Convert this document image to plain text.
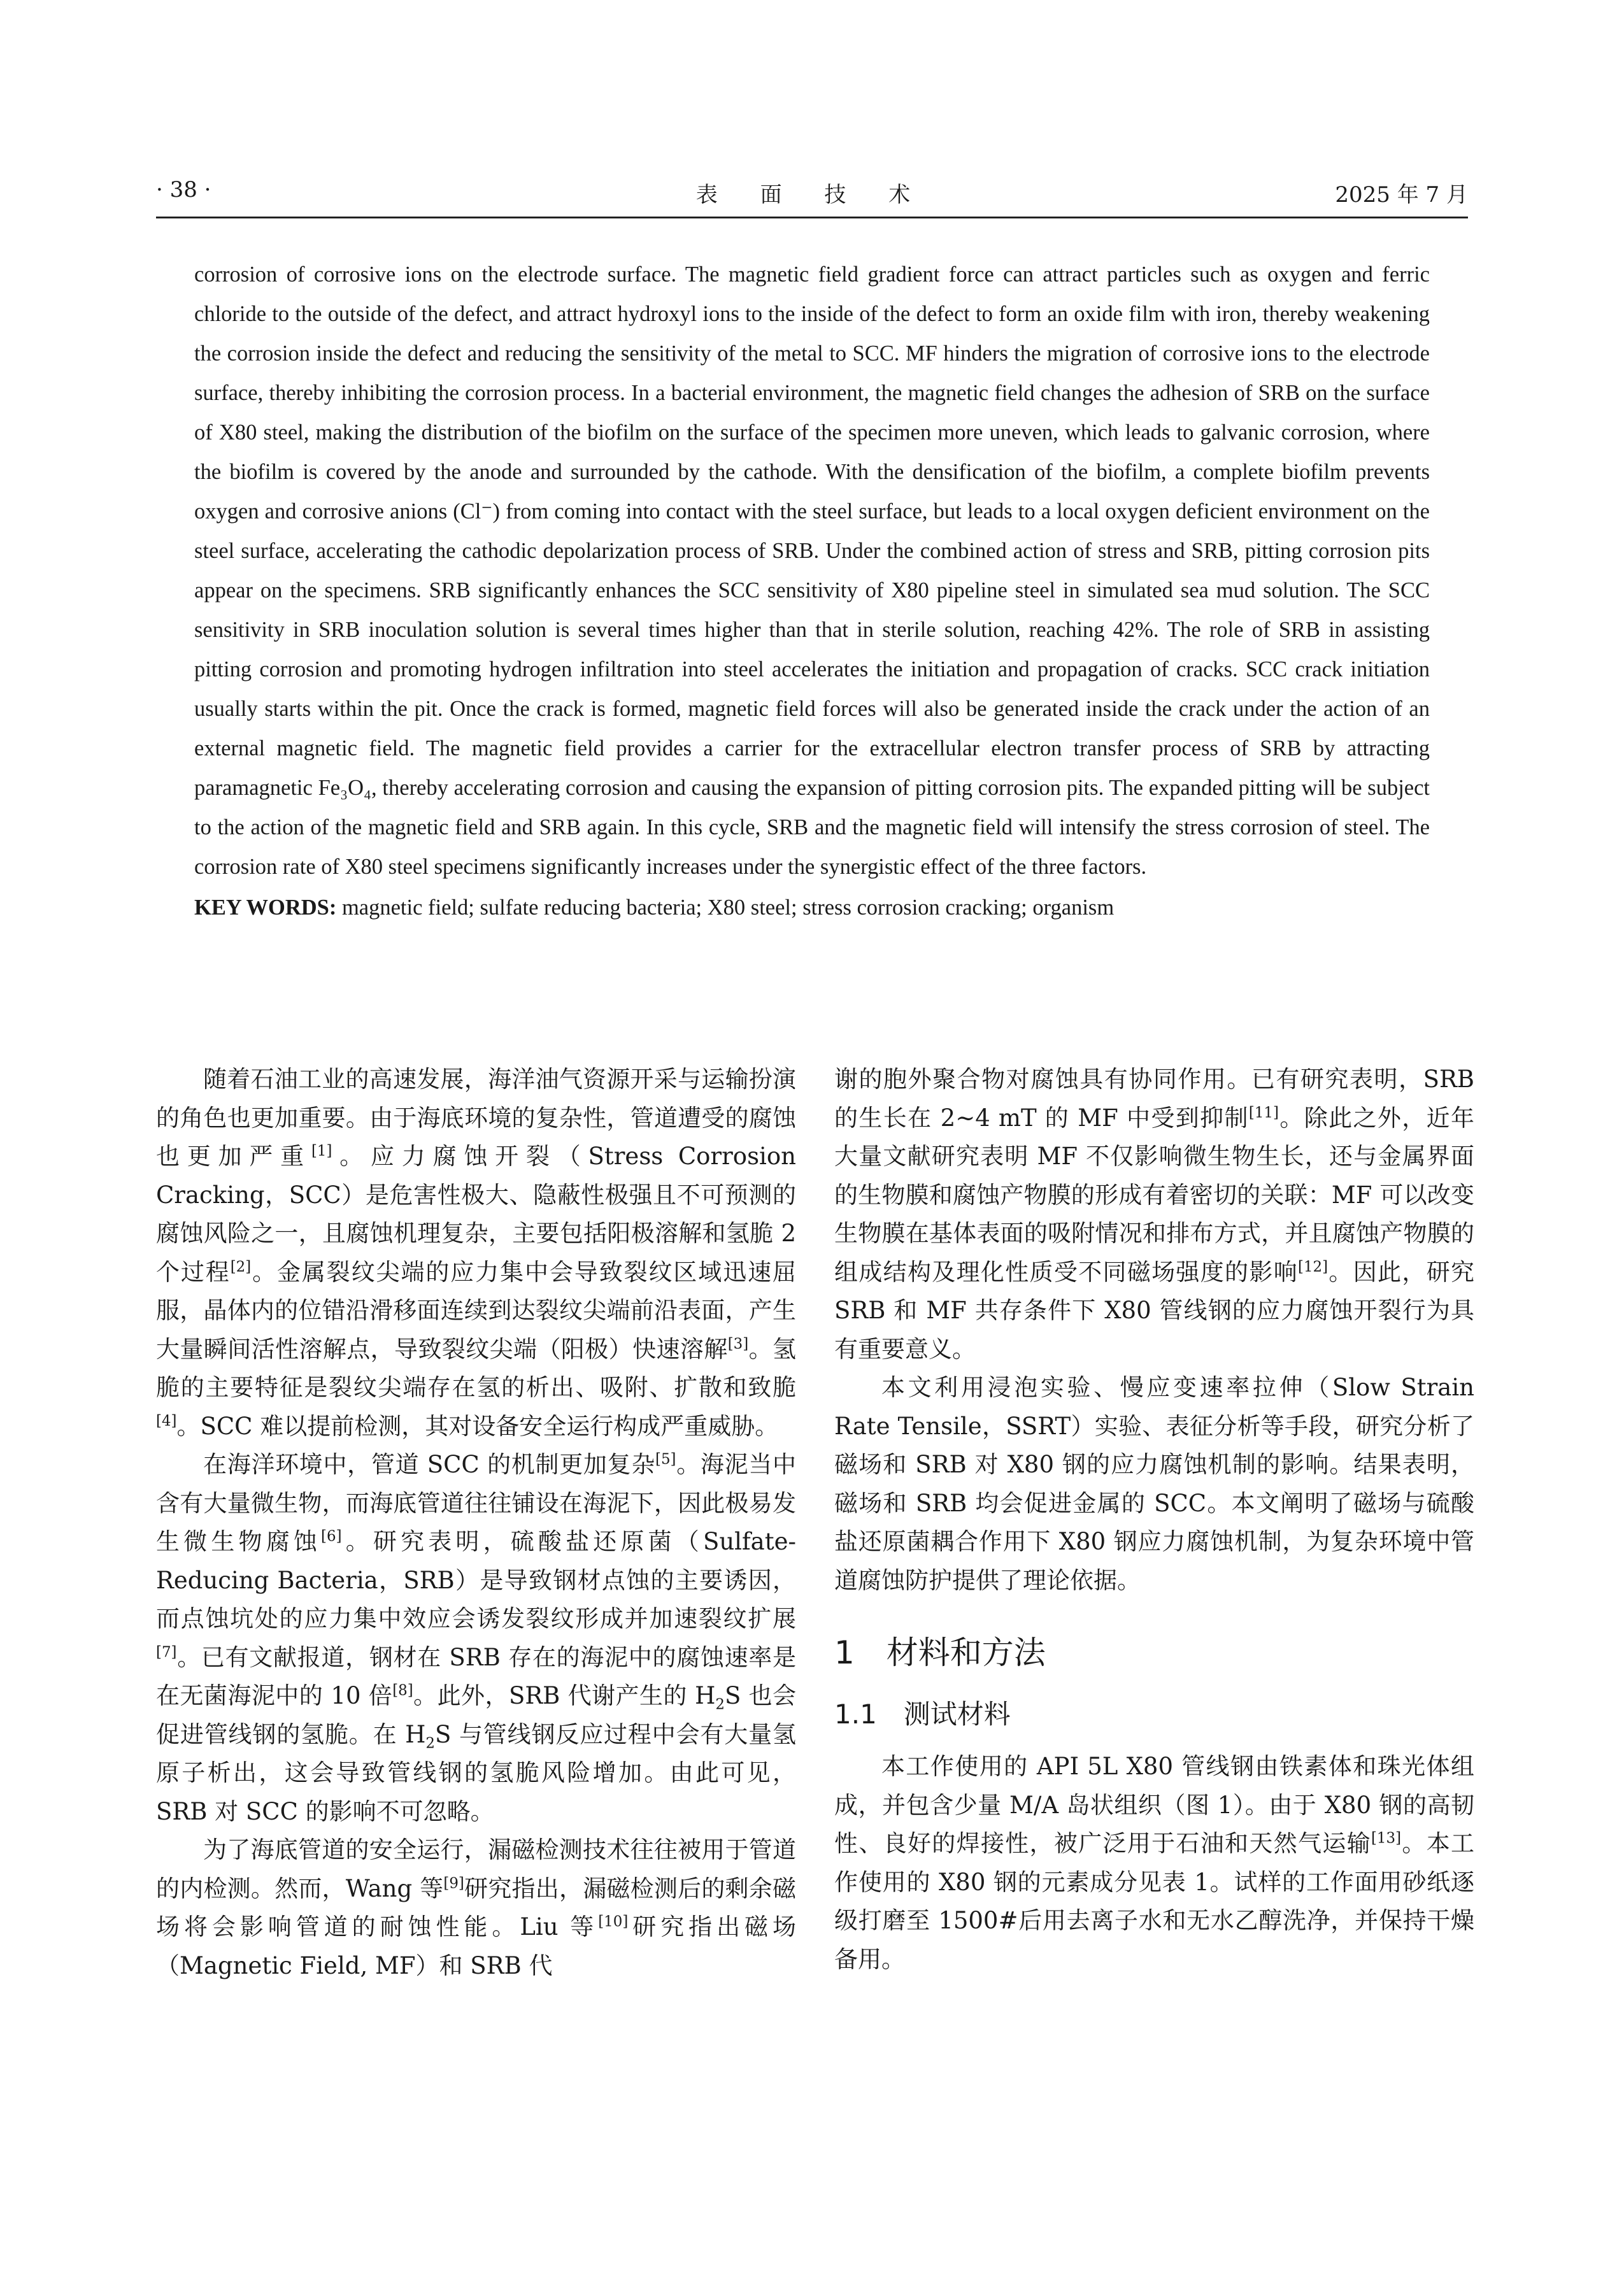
· 38 ·	表 面 技 术	2025 年 7 月

corrosion of corrosive ions on the electrode surface. The magnetic field gradient force can attract particles such as oxygen and ferric chloride to the outside of the defect, and attract hydroxyl ions to the inside of the defect to form an oxide film with iron, thereby weakening the corrosion inside the defect and reducing the sensitivity of the metal to SCC. MF hinders the migration of corrosive ions to the electrode surface, thereby inhibiting the corrosion process. In a bacterial environment, the magnetic field changes the adhesion of SRB on the surface of X80 steel, making the distribution of the biofilm on the surface of the specimen more uneven, which leads to galvanic corrosion, where the biofilm is covered by the anode and surrounded by the cathode. With the densification of the biofilm, a complete biofilm prevents oxygen and corrosive anions (Cl⁻) from coming into contact with the steel surface, but leads to a local oxygen deficient environment on the steel surface, accelerating the cathodic depolarization process of SRB. Under the combined action of stress and SRB, pitting corrosion pits appear on the specimens. SRB significantly enhances the SCC sensitivity of X80 pipeline steel in simulated sea mud solution. The SCC sensitivity in SRB inoculation solution is several times higher than that in sterile solution, reaching 42%. The role of SRB in assisting pitting corrosion and promoting hydrogen infiltration into steel accelerates the initiation and propagation of cracks. SCC crack initiation usually starts within the pit. Once the crack is formed, magnetic field forces will also be generated inside the crack under the action of an external magnetic field. The magnetic field provides a carrier for the extracellular electron transfer process of SRB by attracting paramagnetic Fe₃O₄, thereby accelerating corrosion and causing the expansion of pitting corrosion pits. The expanded pitting will be subject to the action of the magnetic field and SRB again. In this cycle, SRB and the magnetic field will intensify the stress corrosion of steel. The corrosion rate of X80 steel specimens significantly increases under the synergistic effect of the three factors.

KEY WORDS: magnetic field; sulfate reducing bacteria; X80 steel; stress corrosion cracking; organism

随着石油工业的高速发展，海洋油气资源开采与运输扮演的角色也更加重要。由于海底环境的复杂性，管道遭受的腐蚀也更加严重[1]。应力腐蚀开裂（Stress Corrosion Cracking，SCC）是危害性极大、隐蔽性极强且不可预测的腐蚀风险之一，且腐蚀机理复杂，主要包括阳极溶解和氢脆 2 个过程[2]。金属裂纹尖端的应力集中会导致裂纹区域迅速屈服，晶体内的位错沿滑移面连续到达裂纹尖端前沿表面，产生大量瞬间活性溶解点，导致裂纹尖端（阳极）快速溶解[3]。氢脆的主要特征是裂纹尖端存在氢的析出、吸附、扩散和致脆[4]。SCC 难以提前检测，其对设备安全运行构成严重威胁。

在海洋环境中，管道 SCC 的机制更加复杂[5]。海泥当中含有大量微生物，而海底管道往往铺设在海泥下，因此极易发生微生物腐蚀[6]。研究表明，硫酸盐还原菌（Sulfate-Reducing Bacteria，SRB）是导致钢材点蚀的主要诱因，而点蚀坑处的应力集中效应会诱发裂纹形成并加速裂纹扩展[7]。已有文献报道，钢材在 SRB 存在的海泥中的腐蚀速率是在无菌海泥中的 10 倍[8]。此外，SRB 代谢产生的 $H_2S$ 也会促进管线钢的氢脆。在 $H_2S$ 与管线钢反应过程中会有大量氢原子析出，这会导致管线钢的氢脆风险增加。由此可见，SRB 对 SCC 的影响不可忽略。

为了海底管道的安全运行，漏磁检测技术往往被用于管道的内检测。然而，Wang 等[9]研究指出，漏磁检测后的剩余磁场将会影响管道的耐蚀性能。Liu 等[10]研究指出磁场（Magnetic Field, MF）和 SRB 代

谢的胞外聚合物对腐蚀具有协同作用。已有研究表明，SRB 的生长在 2~4 mT 的 MF 中受到抑制[11]。除此之外，近年大量文献研究表明 MF 不仅影响微生物生长，还与金属界面的生物膜和腐蚀产物膜的形成有着密切的关联：MF 可以改变生物膜在基体表面的吸附情况和排布方式，并且腐蚀产物膜的组成结构及理化性质受不同磁场强度的影响[12]。因此，研究 SRB 和 MF 共存条件下 X80 管线钢的应力腐蚀开裂行为具有重要意义。

本文利用浸泡实验、慢应变速率拉伸（Slow Strain Rate Tensile，SSRT）实验、表征分析等手段，研究分析了磁场和 SRB 对 X80 钢的应力腐蚀机制的影响。结果表明，磁场和 SRB 均会促进金属的 SCC。本文阐明了磁场与硫酸盐还原菌耦合作用下 X80 钢应力腐蚀机制，为复杂环境中管道腐蚀防护提供了理论依据。

1　材料和方法
1.1　测试材料

本工作使用的 API 5L X80 管线钢由铁素体和珠光体组成，并包含少量 M/A 岛状组织（图 1）。由于 X80 钢的高韧性、良好的焊接性，被广泛用于石油和天然气运输[13]。本工作使用的 X80 钢的元素成分见表 1。试样的工作面用砂纸逐级打磨至 1500#后用去离子水和无水乙醇洗净，并保持干燥备用。
